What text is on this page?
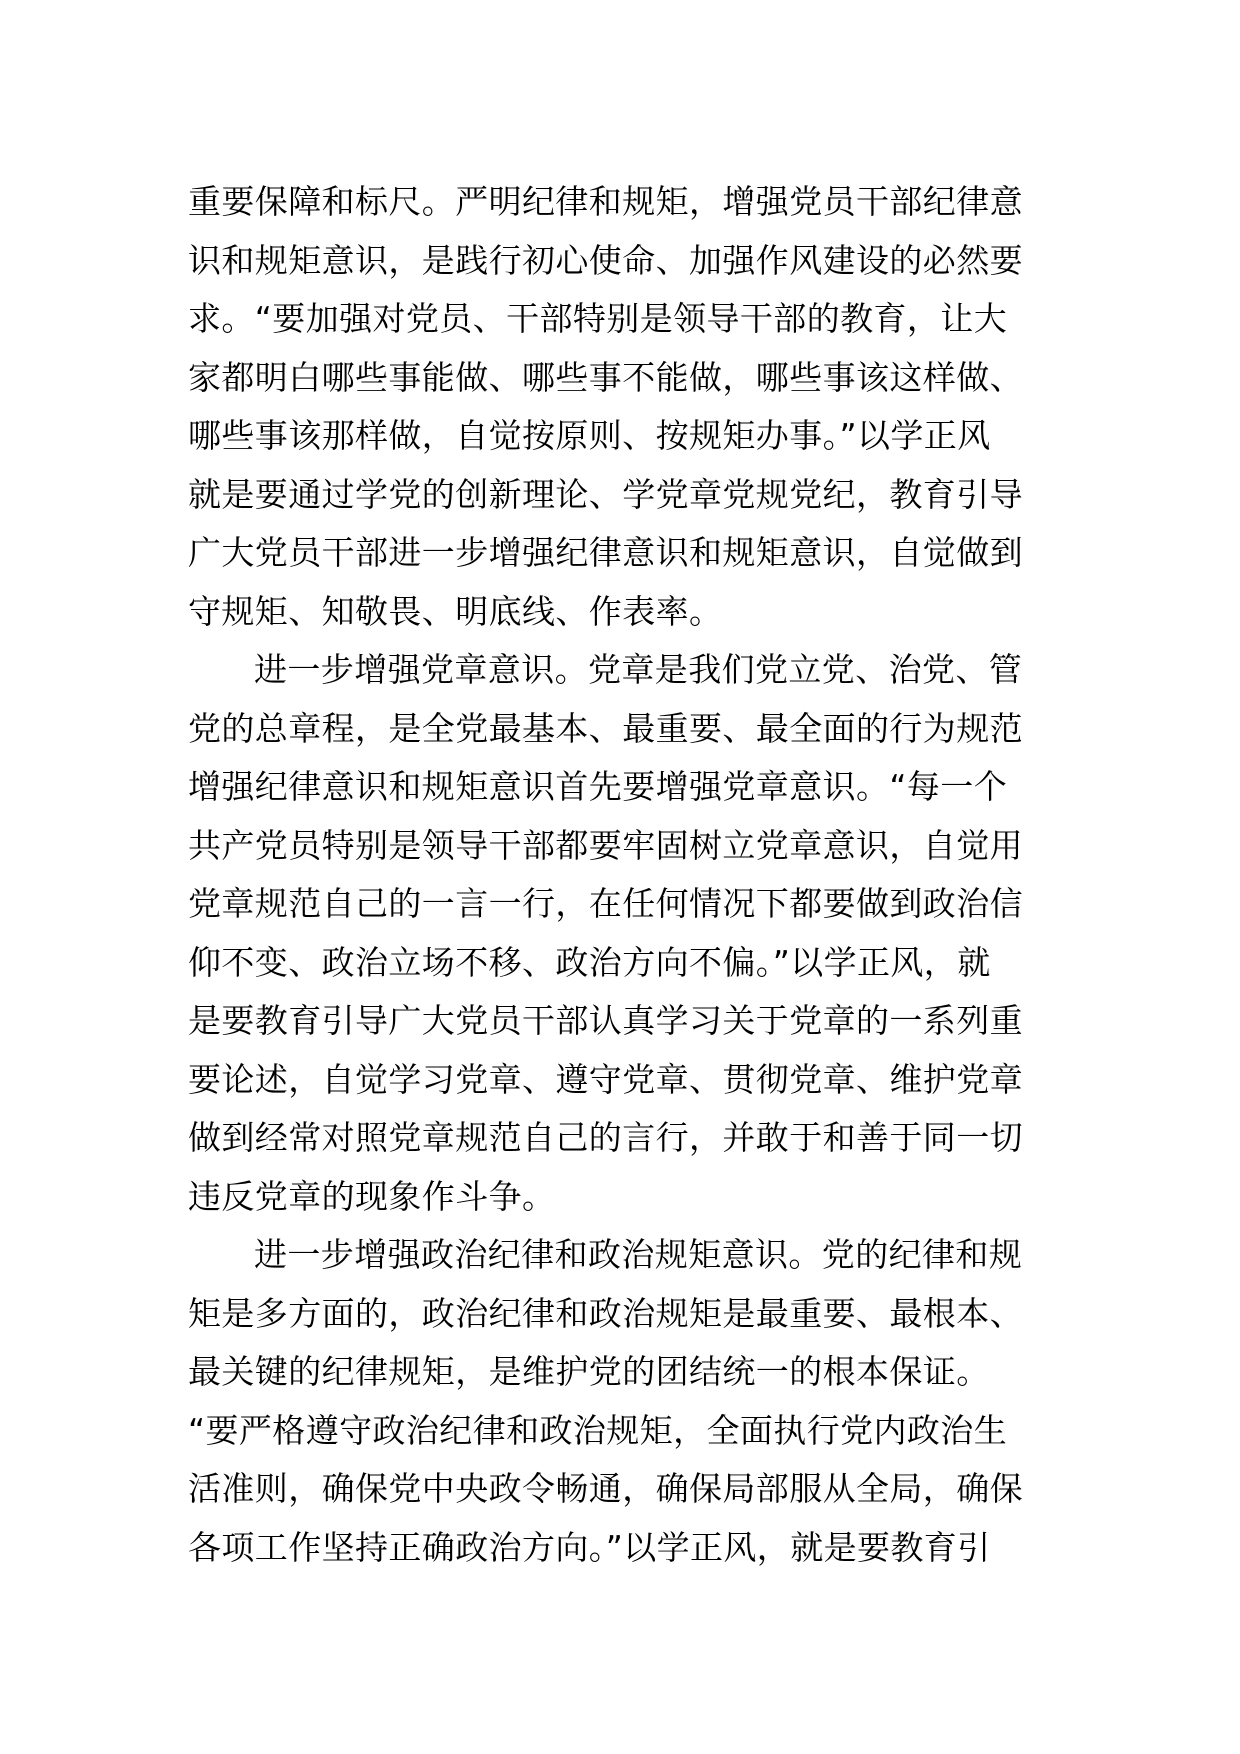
重要保障和标尺。严明纪律和规矩，增强党员干部纪律意
识和规矩意识，是践行初心使命、加强作风建设的必然要
求。“要加强对党员、干部特别是领导干部的教育，让大
家都明白哪些事能做、哪些事不能做，哪些事该这样做、
哪些事该那样做，自觉按原则、按规矩办事。”以学正风
就是要通过学党的创新理论、学党章党规党纪，教育引导
广大党员干部进一步增强纪律意识和规矩意识，自觉做到
守规矩、知敬畏、明底线、作表率。
进一步增强党章意识。党章是我们党立党、治党、管
党的总章程，是全党最基本、最重要、最全面的行为规范
增强纪律意识和规矩意识首先要增强党章意识。“每一个
共产党员特别是领导干部都要牢固树立党章意识，自觉用
党章规范自己的一言一行，在任何情况下都要做到政治信
仰不变、政治立场不移、政治方向不偏。”以学正风，就
是要教育引导广大党员干部认真学习关于党章的一系列重
要论述，自觉学习党章、遵守党章、贯彻党章、维护党章
做到经常对照党章规范自己的言行，并敢于和善于同一切
违反党章的现象作斗争。
进一步增强政治纪律和政治规矩意识。党的纪律和规
矩是多方面的，政治纪律和政治规矩是最重要、最根本、
最关键的纪律规矩，是维护党的团结统一的根本保证。
“要严格遵守政治纪律和政治规矩，全面执行党内政治生
活准则，确保党中央政令畅通，确保局部服从全局，确保
各项工作坚持正确政治方向。”以学正风，就是要教育引
